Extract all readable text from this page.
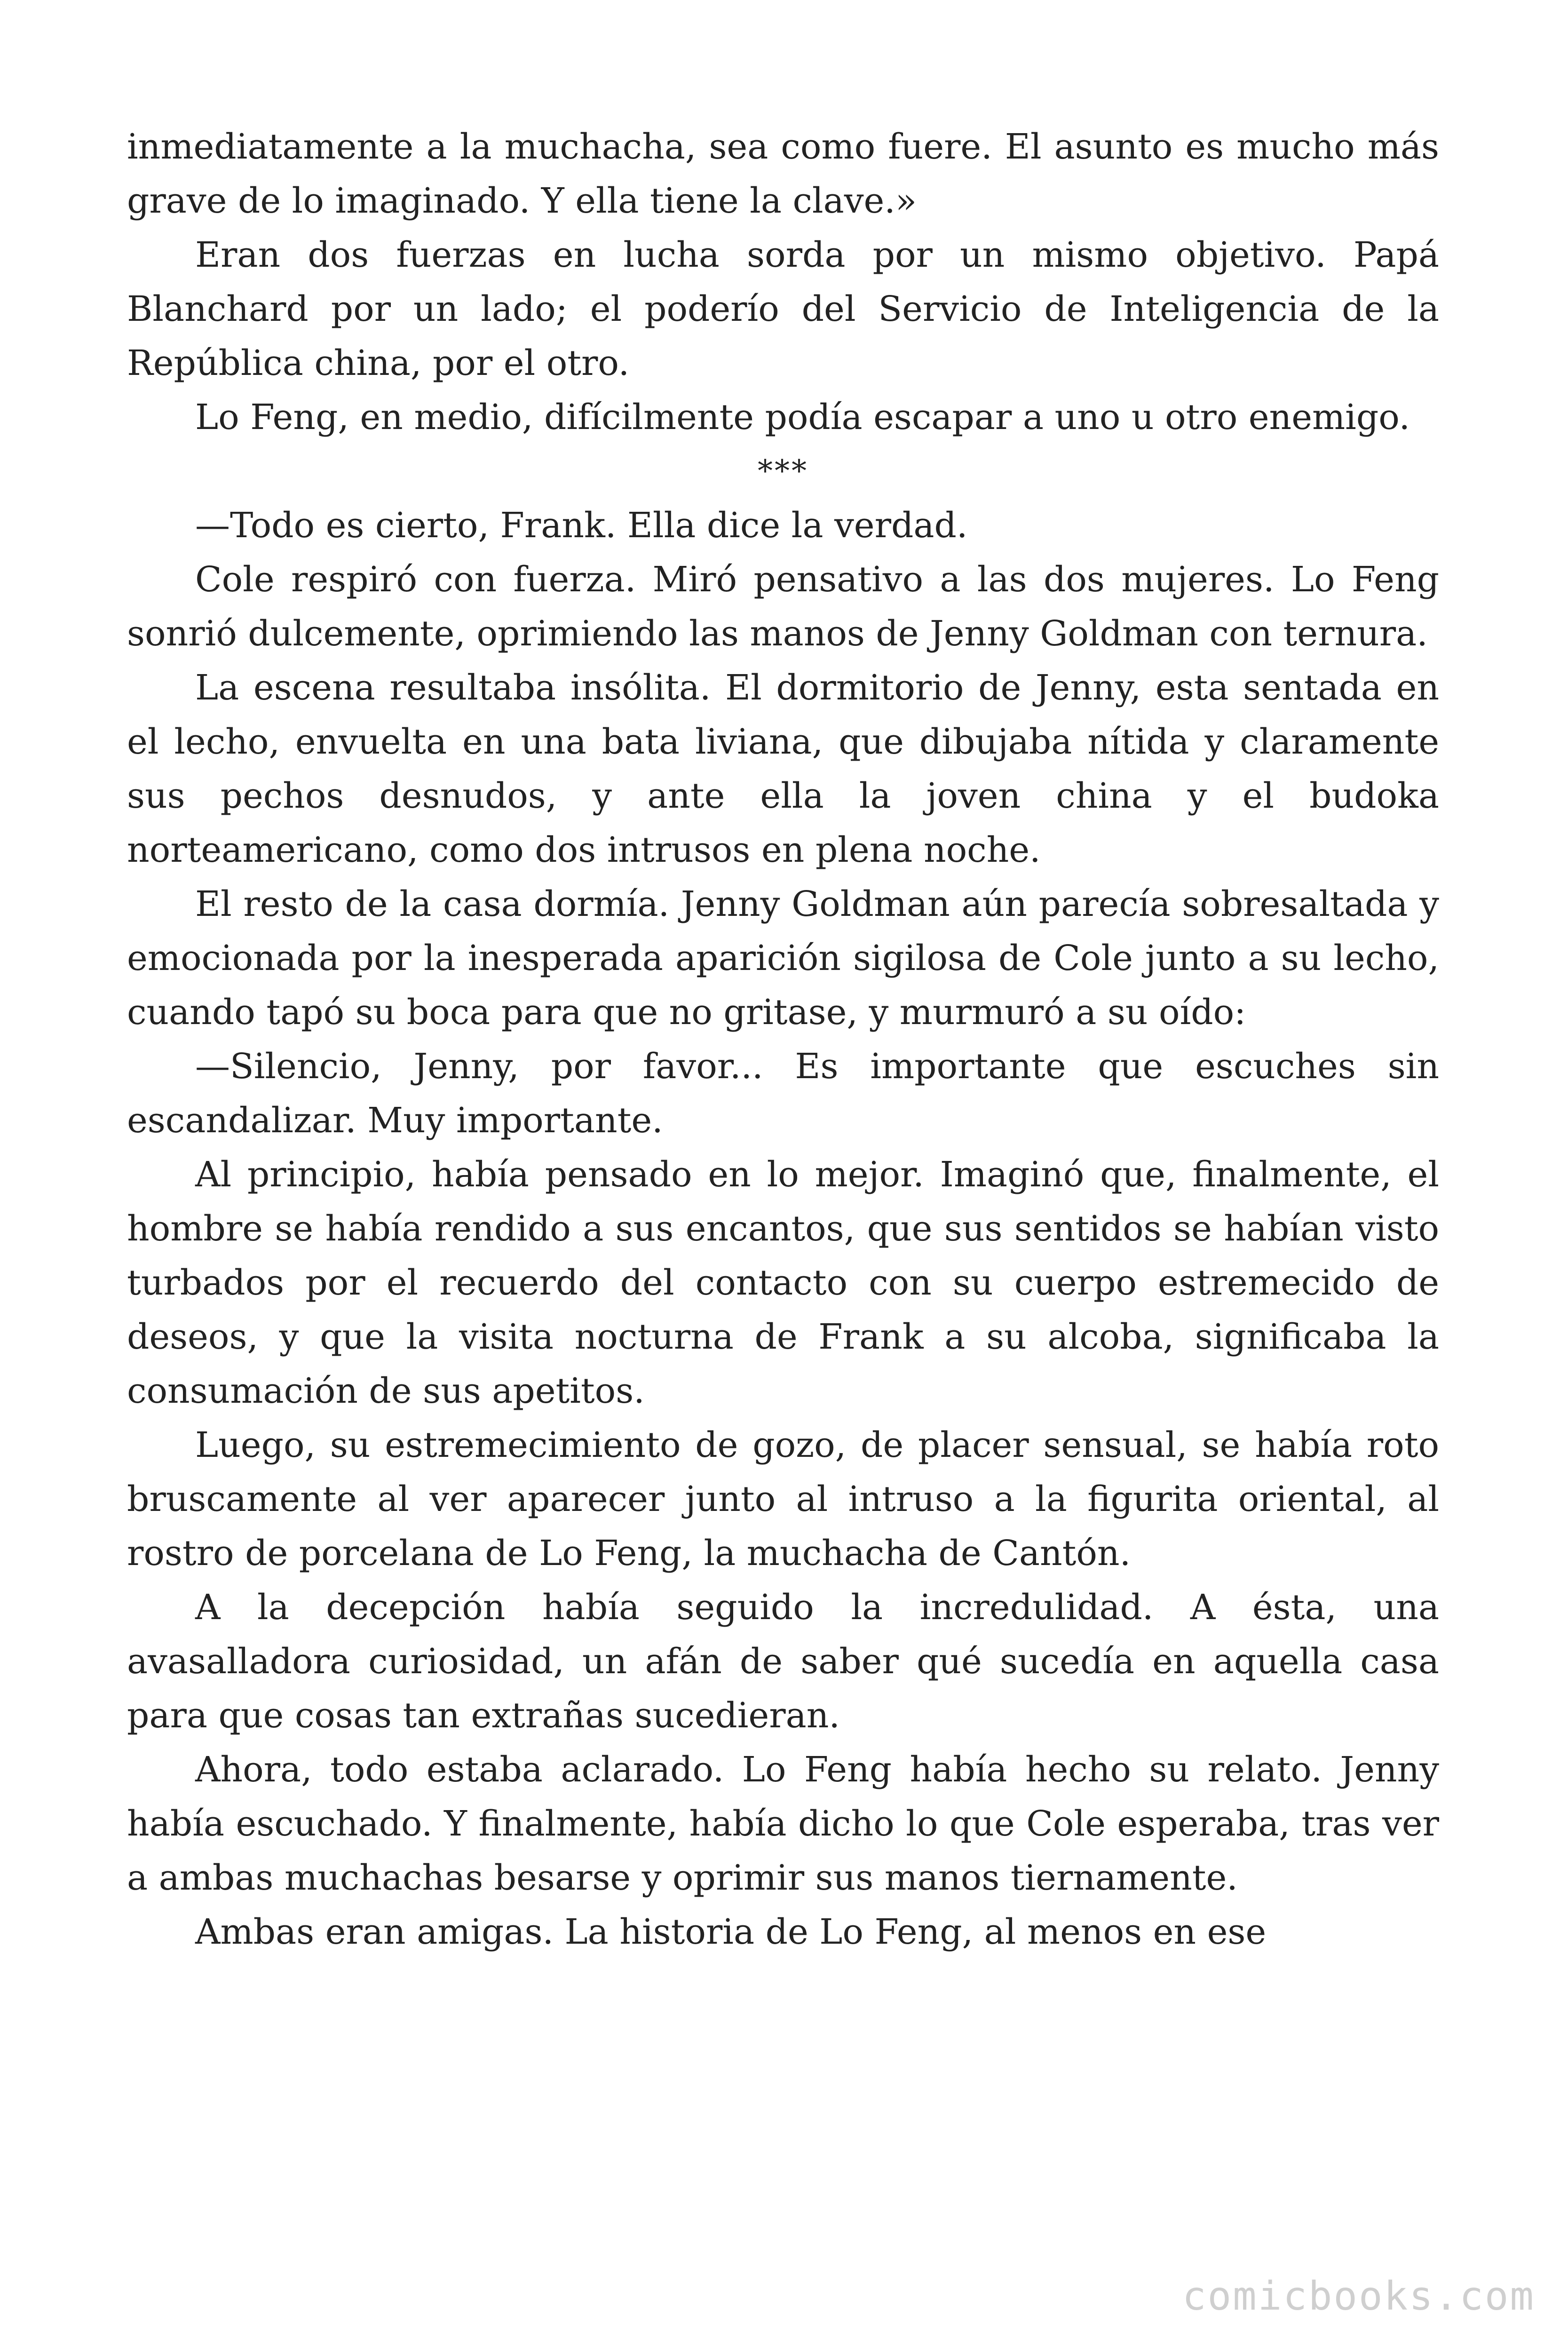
inmediatamente a la muchacha, sea como fuere. El asunto es mucho más grave de lo imaginado. Y ella tiene la clave.»

Eran dos fuerzas en lucha sorda por un mismo objetivo. Papá Blanchard por un lado; el poderío del Servicio de Inteligencia de la República china, por el otro.

Lo Feng, en medio, difícilmente podía escapar a uno u otro enemigo.

***

—Todo es cierto, Frank. Ella dice la verdad.

Cole respiró con fuerza. Miró pensativo a las dos mujeres. Lo Feng sonrió dulcemente, oprimiendo las manos de Jenny Goldman con ternura.

La escena resultaba insólita. El dormitorio de Jenny, esta sentada en el lecho, envuelta en una bata liviana, que dibujaba nítida y claramente sus pechos desnudos, y ante ella la joven china y el budoka norteamericano, como dos intrusos en plena noche.

El resto de la casa dormía. Jenny Goldman aún parecía sobresaltada y emocionada por la inesperada aparición sigilosa de Cole junto a su lecho, cuando tapó su boca para que no gritase, y murmuró a su oído:

—Silencio, Jenny, por favor... Es importante que escuches sin escandalizar. Muy importante.

Al principio, había pensado en lo mejor. Imaginó que, finalmente, el hombre se había rendido a sus encantos, que sus sentidos se habían visto turbados por el recuerdo del contacto con su cuerpo estremecido de deseos, y que la visita nocturna de Frank a su alcoba, significaba la consumación de sus apetitos.

Luego, su estremecimiento de gozo, de placer sensual, se había roto bruscamente al ver aparecer junto al intruso a la figurita oriental, al rostro de porcelana de Lo Feng, la muchacha de Cantón.

A la decepción había seguido la incredulidad. A ésta, una avasalladora curiosidad, un afán de saber qué sucedía en aquella casa para que cosas tan extrañas sucedieran.

Ahora, todo estaba aclarado. Lo Feng había hecho su relato. Jenny había escuchado. Y finalmente, había dicho lo que Cole esperaba, tras ver a ambas muchachas besarse y oprimir sus manos tiernamente.

Ambas eran amigas. La historia de Lo Feng, al menos en ese

comicbooks.com
